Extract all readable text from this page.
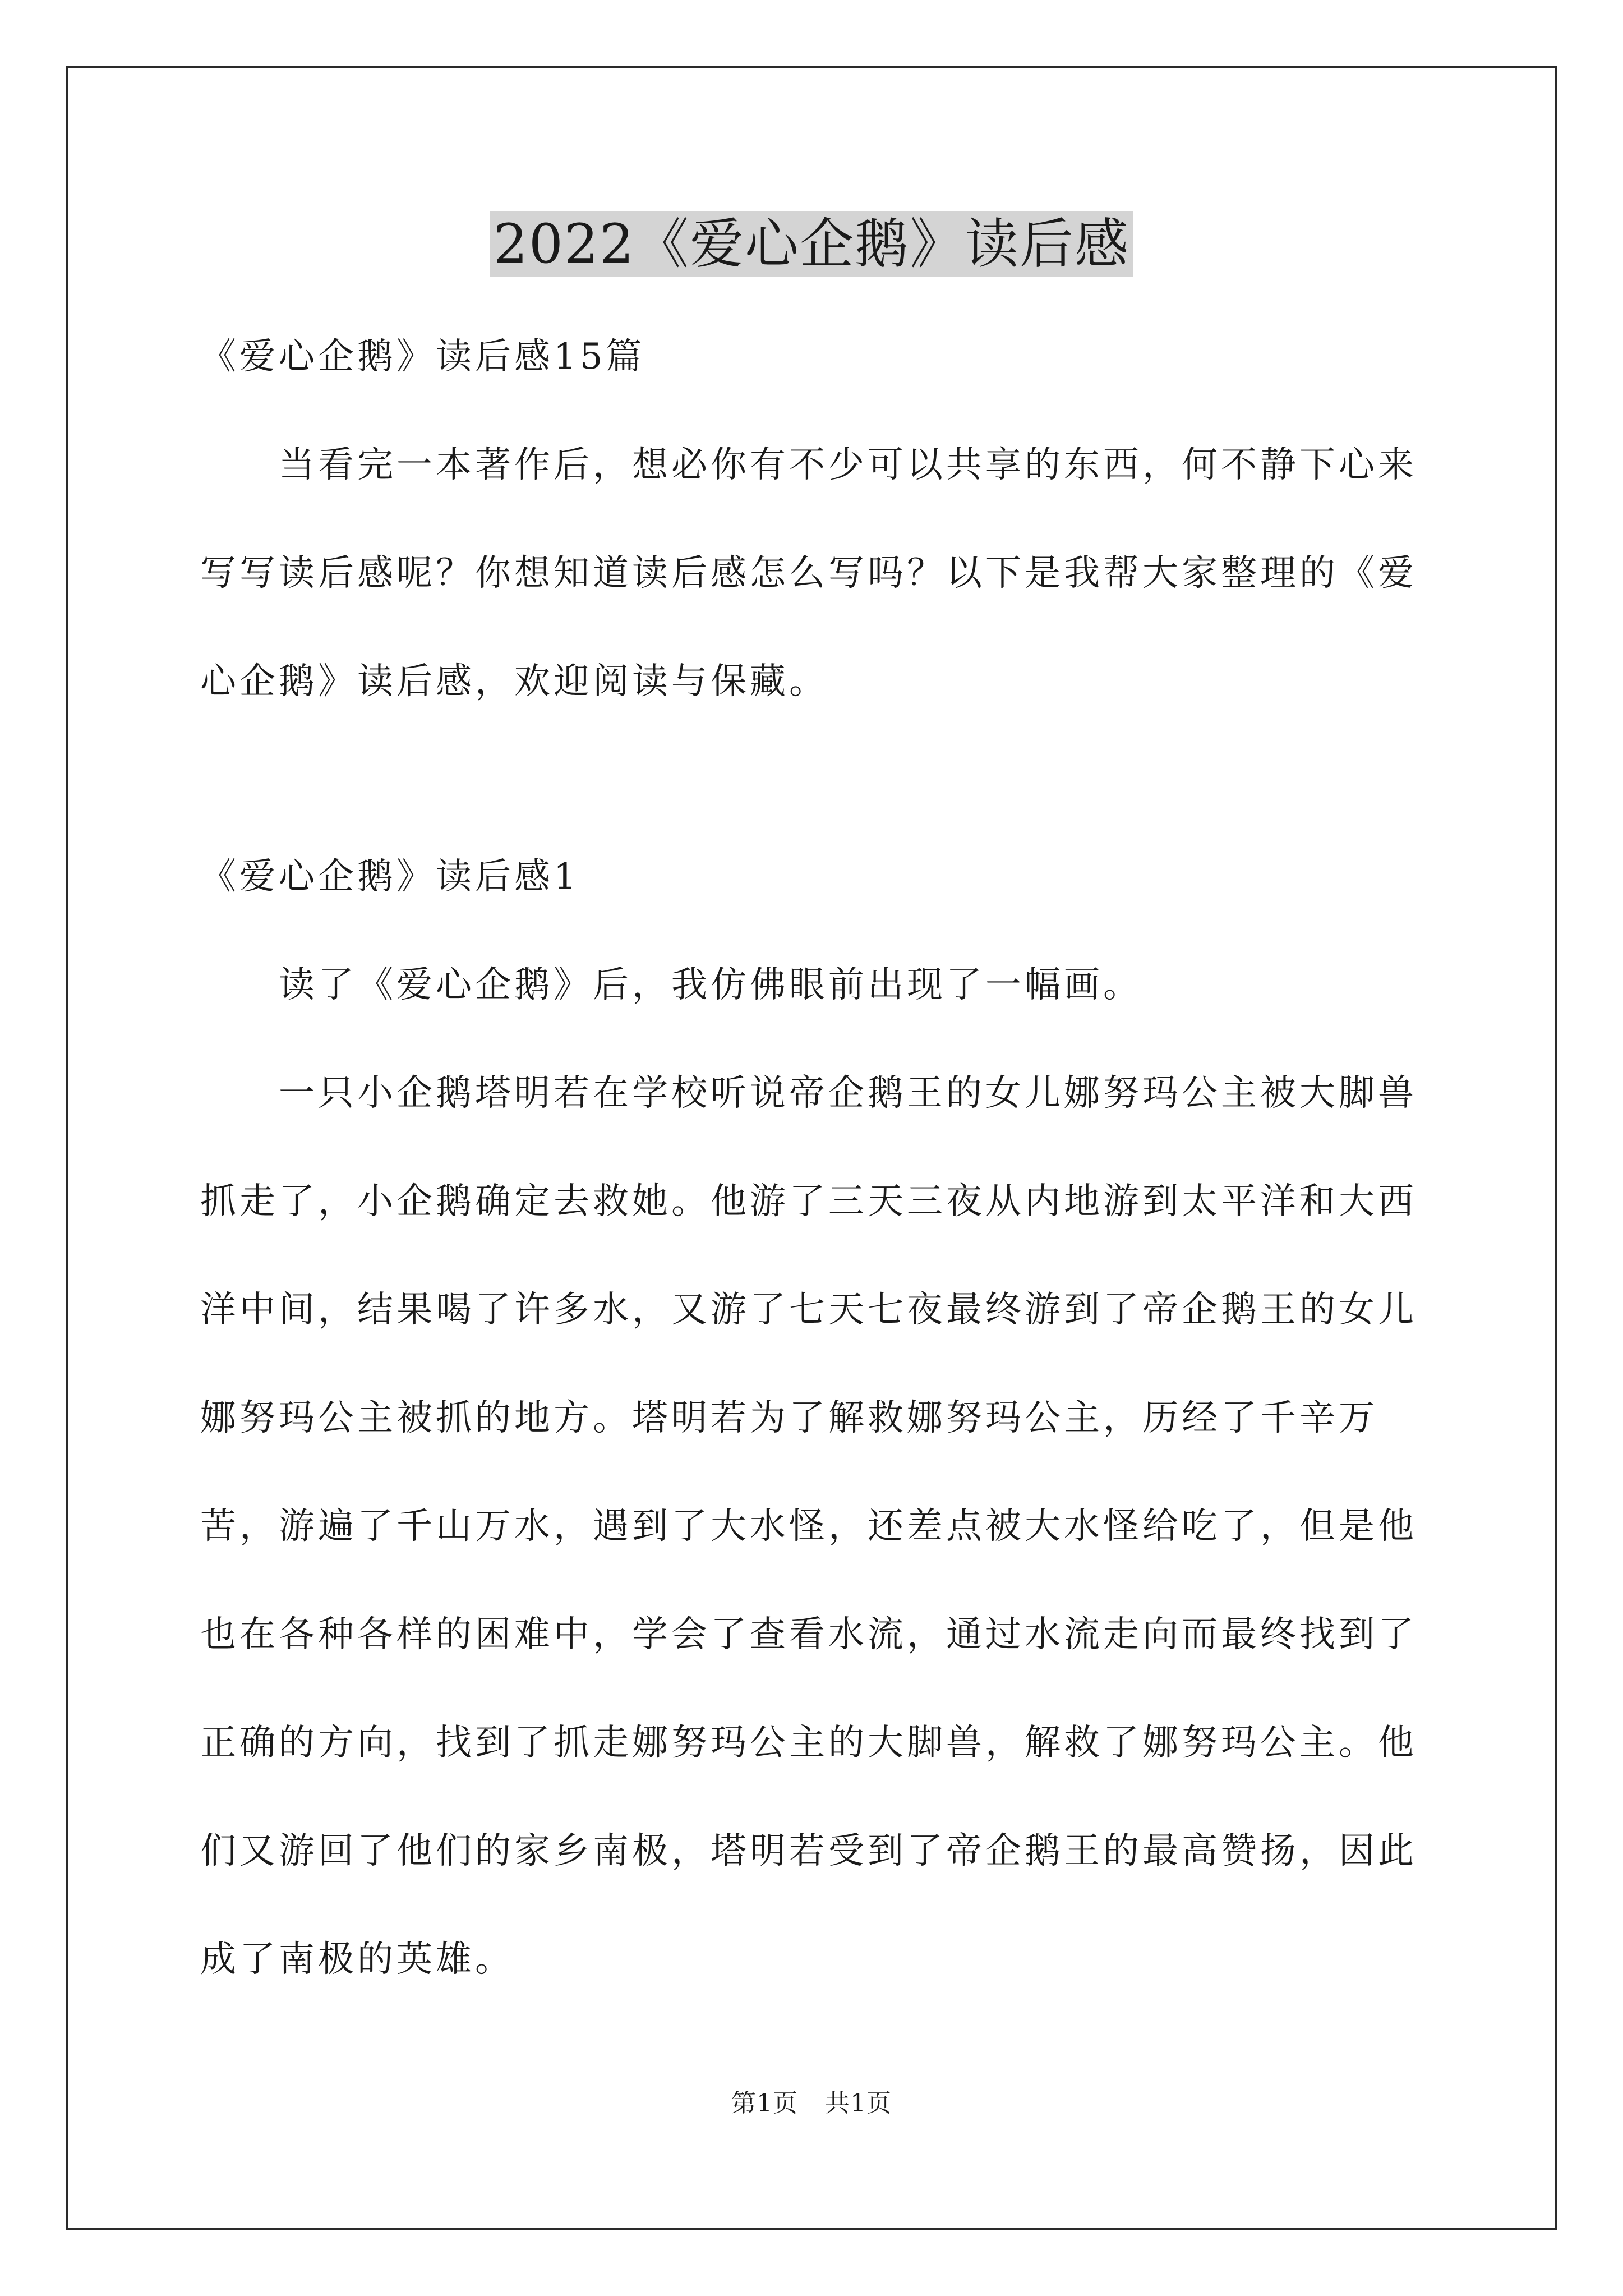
2022《爱心企鹅》读后感

《爱心企鹅》读后感15篇

当看完一本著作后，想必你有不少可以共享的东西，何不静下心来写写读后感呢？你想知道读后感怎么写吗？以下是我帮大家整理的《爱心企鹅》读后感，欢迎阅读与保藏。

《爱心企鹅》读后感1

读了《爱心企鹅》后，我仿佛眼前出现了一幅画。

一只小企鹅塔明若在学校听说帝企鹅王的女儿娜努玛公主被大脚兽抓走了，小企鹅确定去救她。他游了三天三夜从内地游到太平洋和大西洋中间，结果喝了许多水，又游了七天七夜最终游到了帝企鹅王的女儿娜努玛公主被抓的地方。塔明若为了解救娜努玛公主，历经了千辛万苦，游遍了千山万水，遇到了大水怪，还差点被大水怪给吃了，但是他也在各种各样的困难中，学会了查看水流，通过水流走向而最终找到了正确的方向，找到了抓走娜努玛公主的大脚兽，解救了娜努玛公主。他们又游回了他们的家乡南极，塔明若受到了帝企鹅王的最高赞扬，因此成了南极的英雄。

第1页 共1页
